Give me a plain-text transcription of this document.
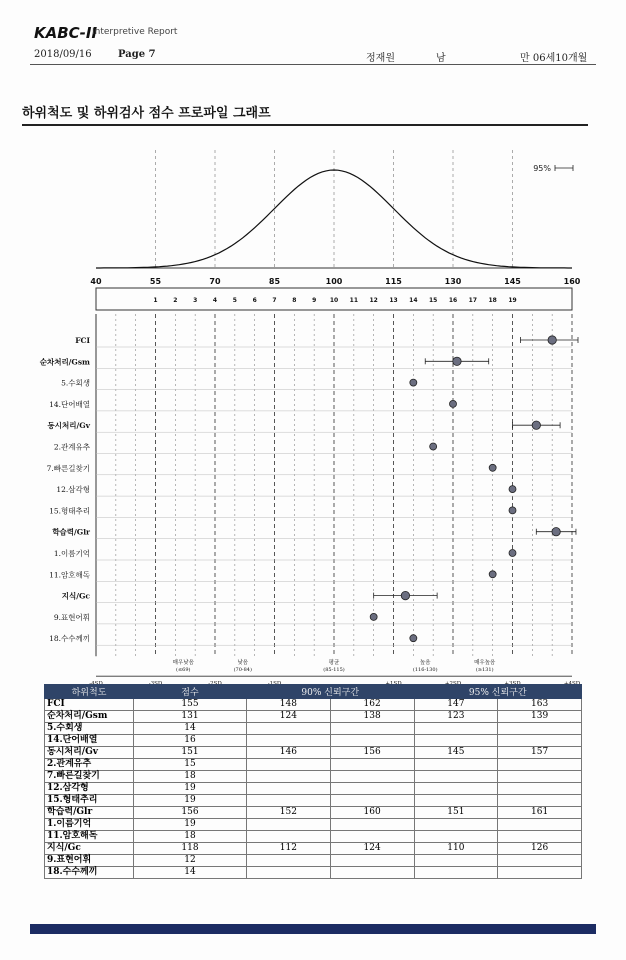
KABC-II
Interpretive Report
2018/09/16	Page 7	정재원	남	만 06세10개월
하위척도 및 하위검사 점수 프로파일 그래프
95%
40	55	70	85	100	115	130	145	160
1	2	3	4	5	6	7	8	9 10 11 12 13 14 15 16 17 18 19
FCI
순차처리/Gsm
5.수회생
14.단어배열
동시처리/Gv
2.관계유추
7.빠른길찾기
12.삼각형
15.형태추리
학습력/Glr
1.이름기억
11.암호해독
지식/Gc
9.표현어휘
18.수수께끼
매우낮음
(≤69)
낮음
(70-84)
평균
(85-115)
높음
(116-130)
매우높음
(≥131)
하위척도	점수	90% 신뢰구간		95% 신뢰구간	
FCI	155	148	162	147	163
순차처리/Gsm	131	124	138	123	139
5.수회생	14				
14.단어배열	16				
동시처리/Gv	151	146	156	145	157
2.관계유추	15				
7.빠른길찾기	18				
12.삼각형	19				
15.형태추리	19				
학습력/Glr	156	152	160	151	161
1.이름기억	19				
11.암호해독	18				
지식/Gc	118	112	124	110	126
9.표현어휘	12				
18.수수께끼	14				
